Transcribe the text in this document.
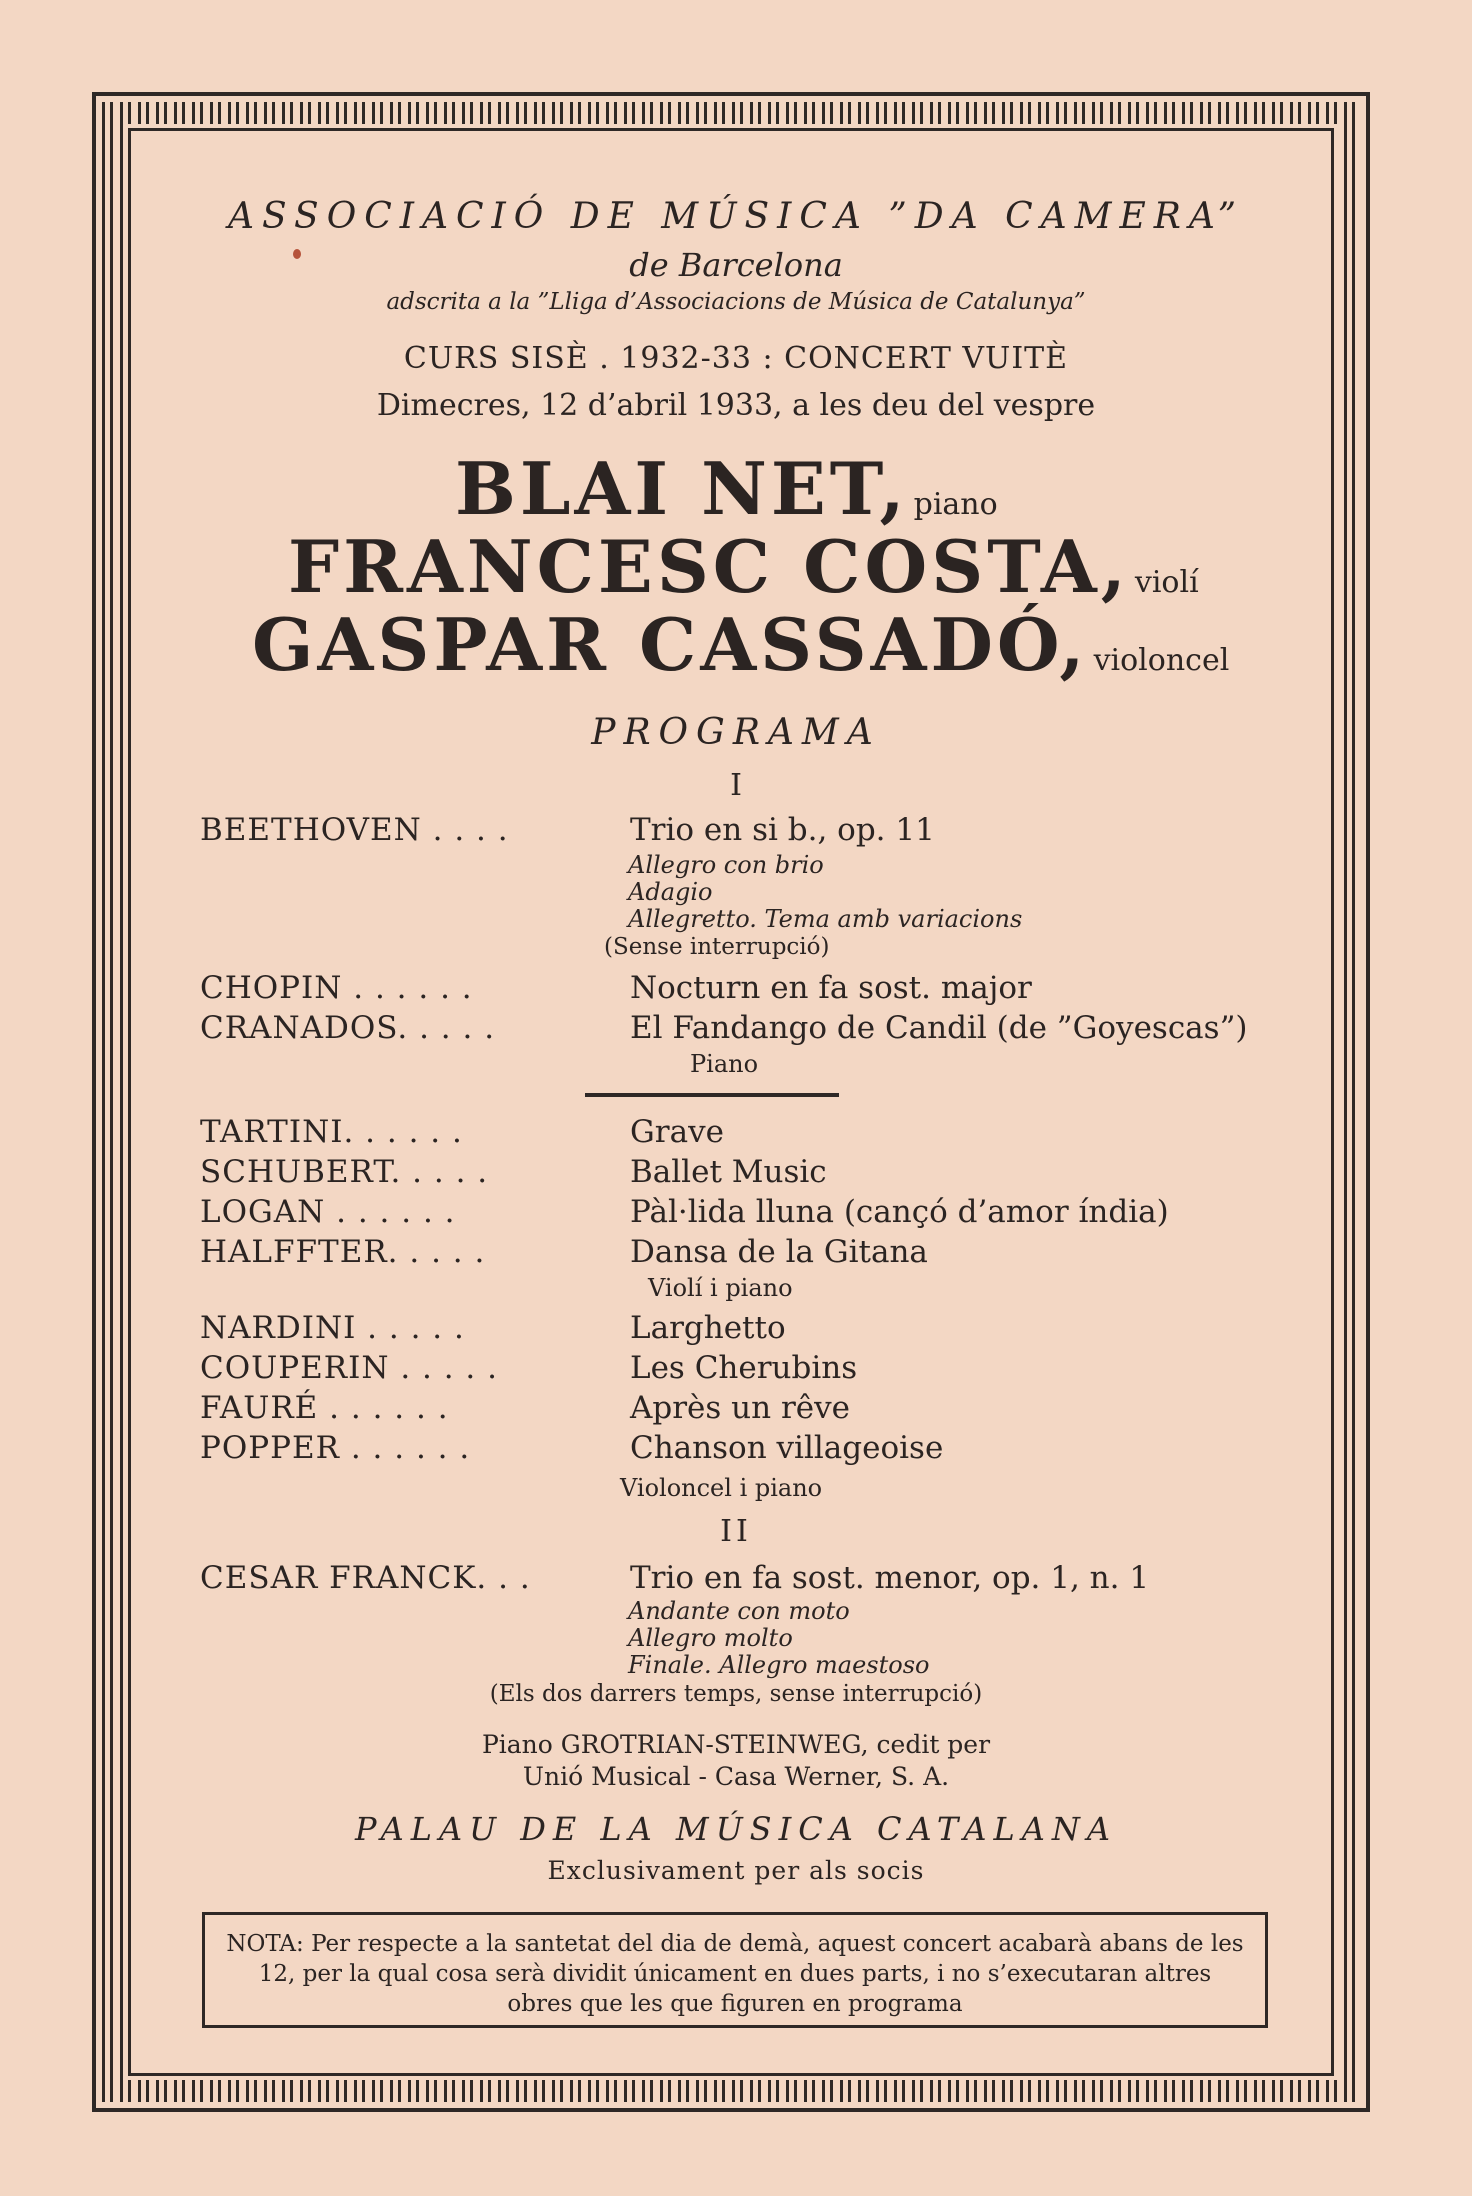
ASSOCIACIÓ DE MÚSICA ”DA CAMERA”
de Barcelona
adscrita a la ”Lliga d’Associacions de Música de Catalunya”
CURS SISÈ . 1932-33 : CONCERT VUITÈ
Dimecres, 12 d’abril 1933, a les deu del vespre
BLAI NET, piano
FRANCESC COSTA, violí
GASPAR CASSADÓ, violoncel
PROGRAMA
I
BEETHOVEN . . . .	Trio en si b., op. 11
Allegro con brio
Adagio
Allegretto. Tema amb variacions
(Sense interrupció)
CHOPIN . . . . . .	Nocturn en fa sost. major
CRANADOS. . . . .	El Fandango de Candil (de ”Goyescas”)
Piano
TARTINI. . . . . .	Grave
SCHUBERT. . . . .	Ballet Music
LOGAN . . . . . .	Pàl·lida lluna (cançó d’amor índia)
HALFFTER. . . . .	Dansa de la Gitana
Violí i piano
NARDINI . . . . .	Larghetto
COUPERIN . . . . .	Les Cherubins
FAURÉ . . . . . .	Après un rêve
POPPER . . . . . .	Chanson villageoise
Violoncel i piano
II
CESAR FRANCK. . .	Trio en fa sost. menor, op. 1, n. 1
Andante con moto
Allegro molto
Finale. Allegro maestoso
(Els dos darrers temps, sense interrupció)
Piano GROTRIAN-STEINWEG, cedit per
Unió Musical - Casa Werner, S. A.
PALAU DE LA MÚSICA CATALANA
Exclusivament per als socis
NOTA: Per respecte a la santetat del dia de demà, aquest concert acabarà abans de les 12, per la qual cosa serà dividit únicament en dues parts, i no s’executaran altres obres que les que figuren en programa
